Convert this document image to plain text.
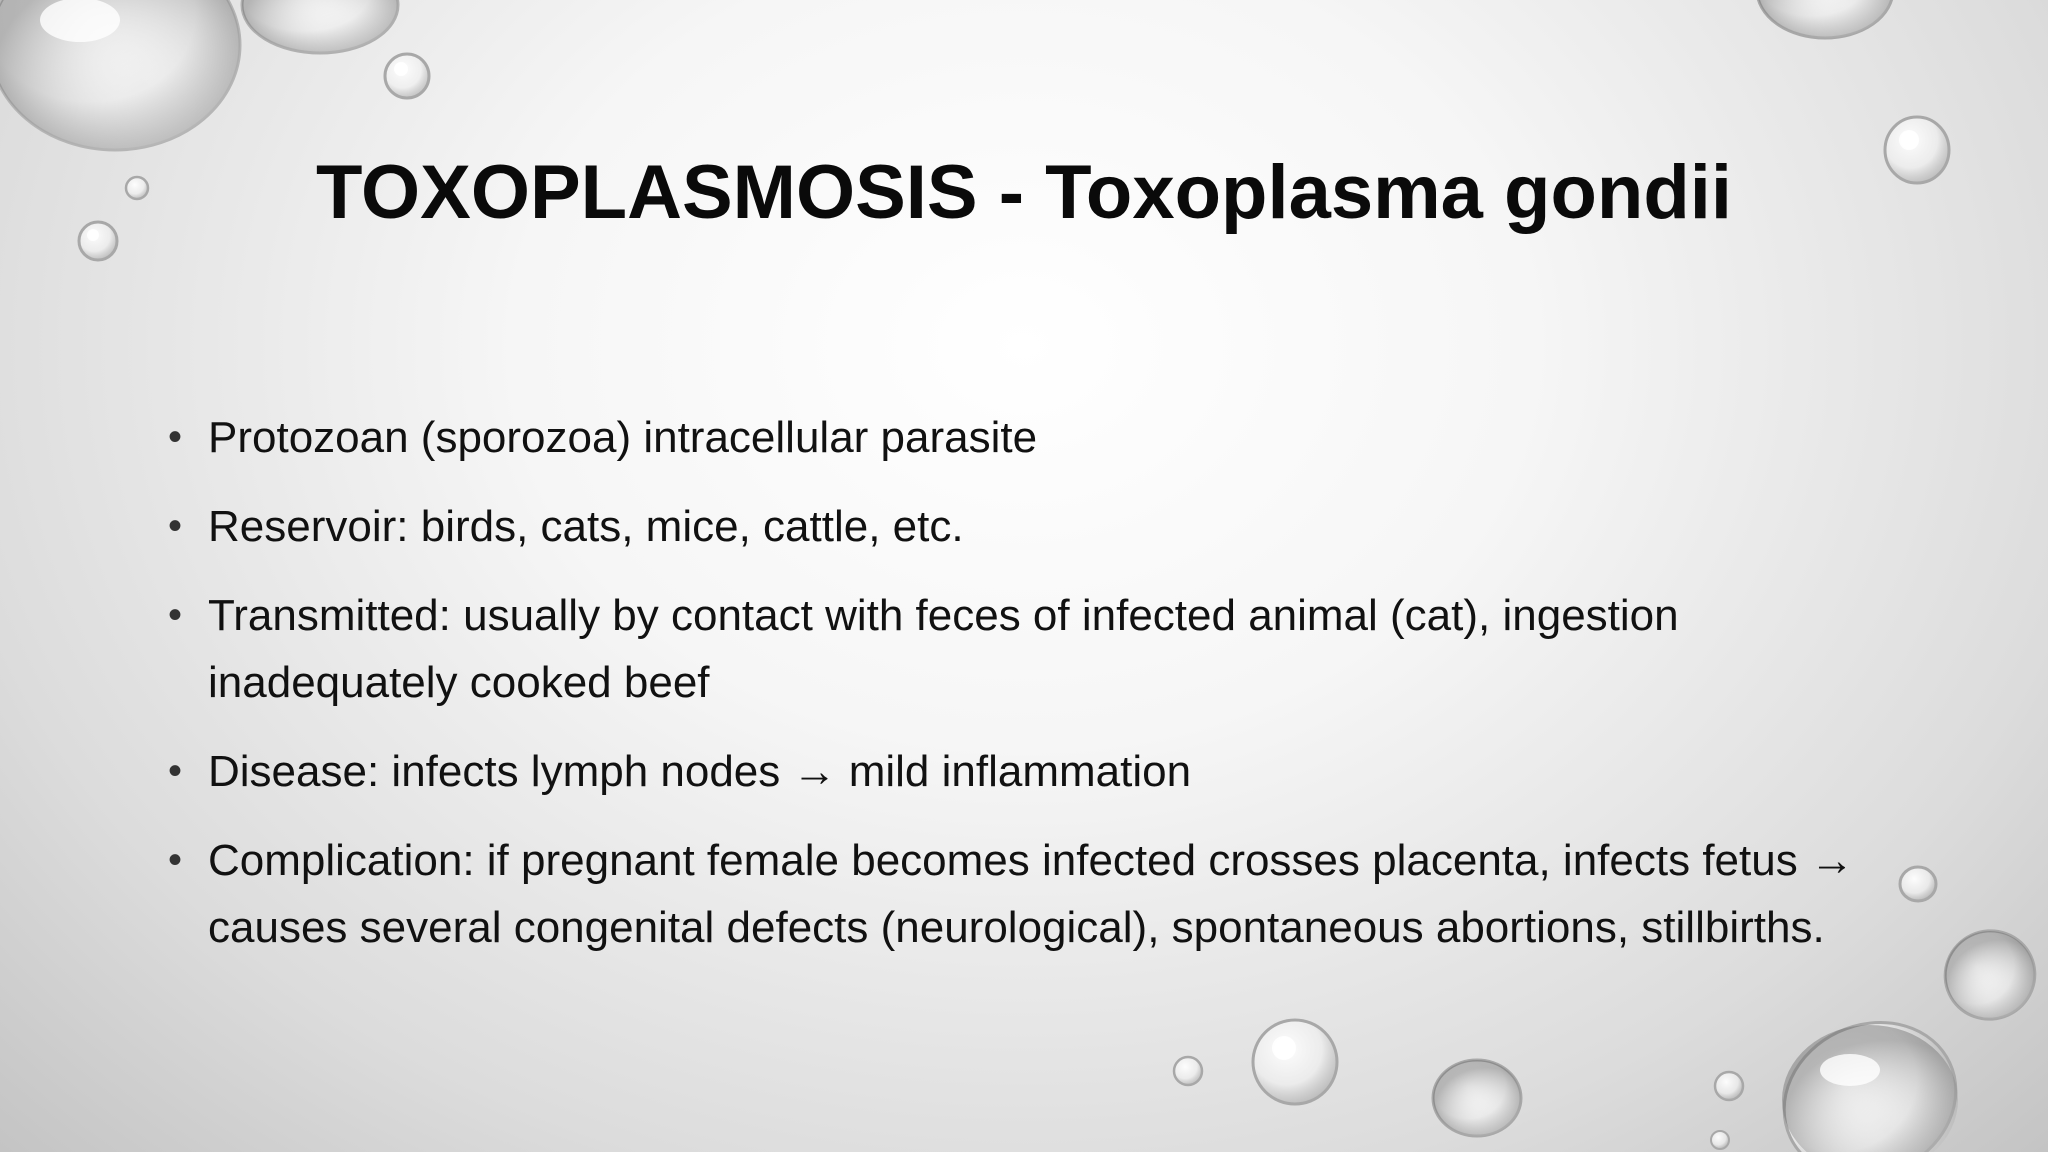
TOXOPLASMOSIS - Toxoplasma gondii
• Protozoan (sporozoa) intracellular parasite
• Reservoir: birds, cats, mice, cattle, etc.
• Transmitted: usually by contact with feces of infected animal (cat), ingestion inadequately cooked beef
• Disease: infects lymph nodes → mild inflammation
• Complication: if pregnant female becomes infected crosses placenta, infects fetus → causes several congenital defects (neurological), spontaneous abortions, stillbirths.
